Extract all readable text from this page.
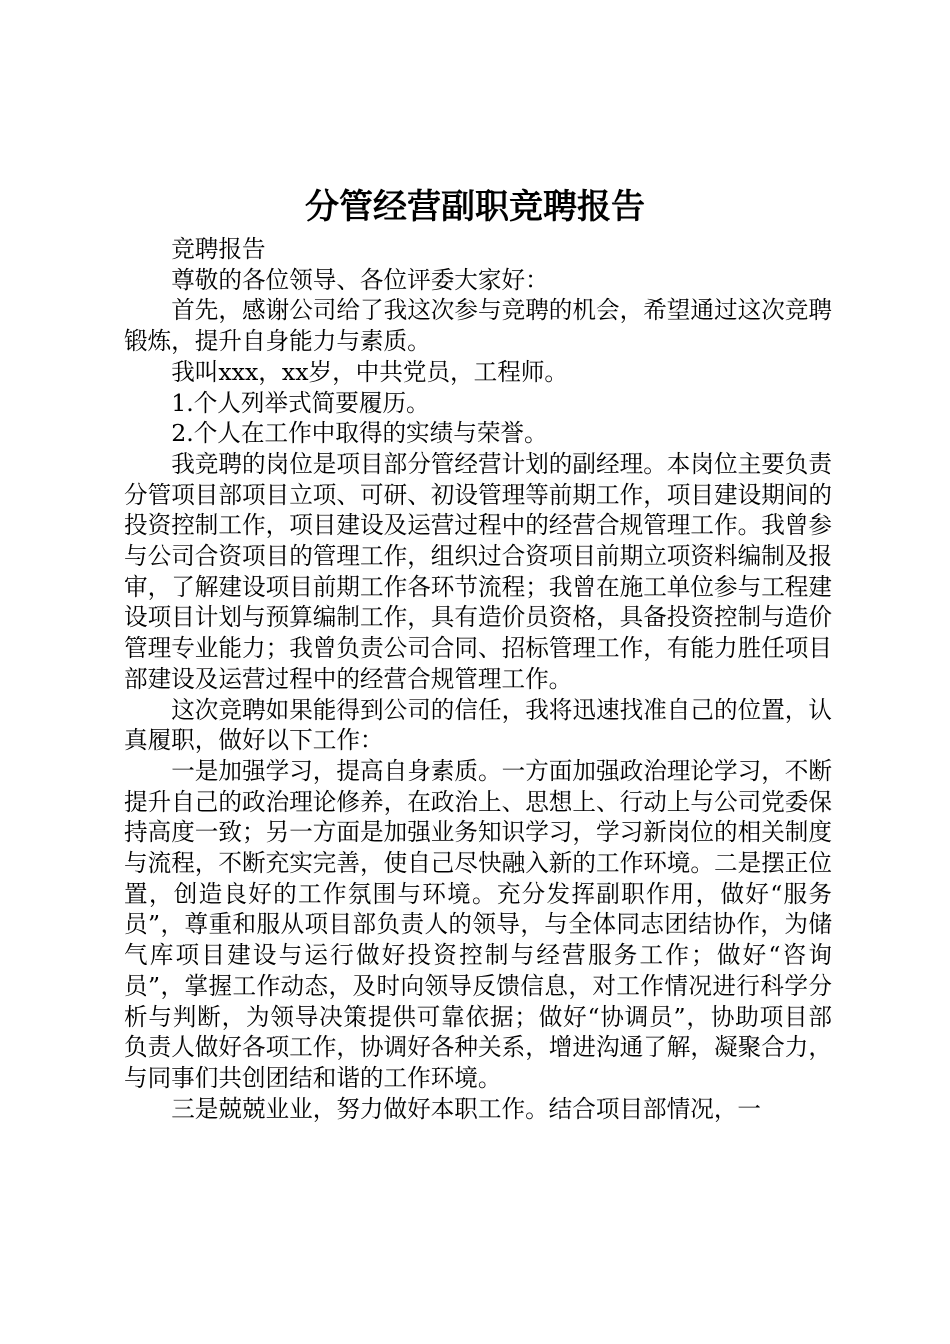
分管经营副职竞聘报告

竞聘报告

尊敬的各位领导、各位评委大家好：

首先，感谢公司给了我这次参与竞聘的机会，希望通过这次竞聘锻炼，提升自身能力与素质。

我叫xxx，xx岁，中共党员，工程师。

1.个人列举式简要履历。

2.个人在工作中取得的实绩与荣誉。

我竞聘的岗位是项目部分管经营计划的副经理。本岗位主要负责分管项目部项目立项、可研、初设管理等前期工作，项目建设期间的投资控制工作，项目建设及运营过程中的经营合规管理工作。我曾参与公司合资项目的管理工作，组织过合资项目前期立项资料编制及报审，了解建设项目前期工作各环节流程；我曾在施工单位参与工程建设项目计划与预算编制工作，具有造价员资格，具备投资控制与造价管理专业能力；我曾负责公司合同、招标管理工作，有能力胜任项目部建设及运营过程中的经营合规管理工作。

这次竞聘如果能得到公司的信任，我将迅速找准自己的位置，认真履职，做好以下工作：

一是加强学习，提高自身素质。一方面加强政治理论学习，不断提升自己的政治理论修养，在政治上、思想上、行动上与公司党委保持高度一致；另一方面是加强业务知识学习，学习新岗位的相关制度与流程，不断充实完善，使自己尽快融入新的工作环境。二是摆正位置，创造良好的工作氛围与环境。充分发挥副职作用，做好“服务员”，尊重和服从项目部负责人的领导，与全体同志团结协作，为储气库项目建设与运行做好投资控制与经营服务工作；做好“咨询员”，掌握工作动态，及时向领导反馈信息，对工作情况进行科学分析与判断，为领导决策提供可靠依据；做好“协调员”，协助项目部负责人做好各项工作，协调好各种关系，增进沟通了解，凝聚合力，与同事们共创团结和谐的工作环境。

三是兢兢业业，努力做好本职工作。结合项目部情况，一
